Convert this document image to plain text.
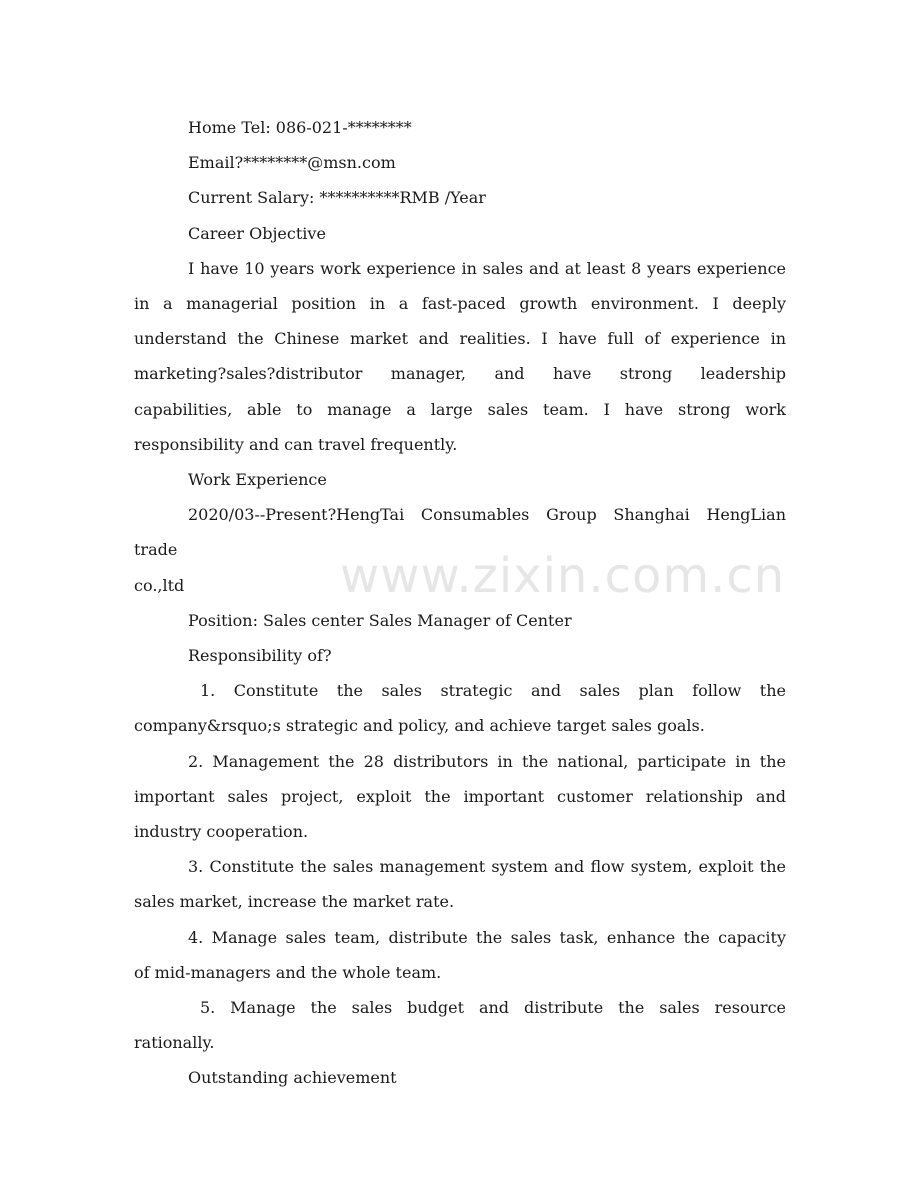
www.zixin.com.cn

Home Tel: 086-021-********

Email?********@msn.com

Current Salary: **********RMB /Year

Career Objective

I have 10 years work experience in sales and at least 8 years experience

in a managerial position in a fast-paced growth environment. I deeply

understand the Chinese market and realities. I have full of experience in

marketing?sales?distributor manager, and have strong leadership

capabilities, able to manage a large sales team. I have strong work

responsibility and can travel frequently.

Work Experience

2020/03--Present?HengTai Consumables Group Shanghai HengLian trade

co.,ltd

Position: Sales center Sales Manager of Center

Responsibility of?

1. Constitute the sales strategic and sales plan follow the

company&rsquo;s strategic and policy, and achieve target sales goals.

2. Management the 28 distributors in the national, participate in the

important sales project, exploit the important customer relationship and

industry cooperation.

3. Constitute the sales management system and flow system, exploit the

sales market, increase the market rate.

4. Manage sales team, distribute the sales task, enhance the capacity

of mid-managers and the whole team.

5. Manage the sales budget and distribute the sales resource

rationally.

Outstanding achievement
